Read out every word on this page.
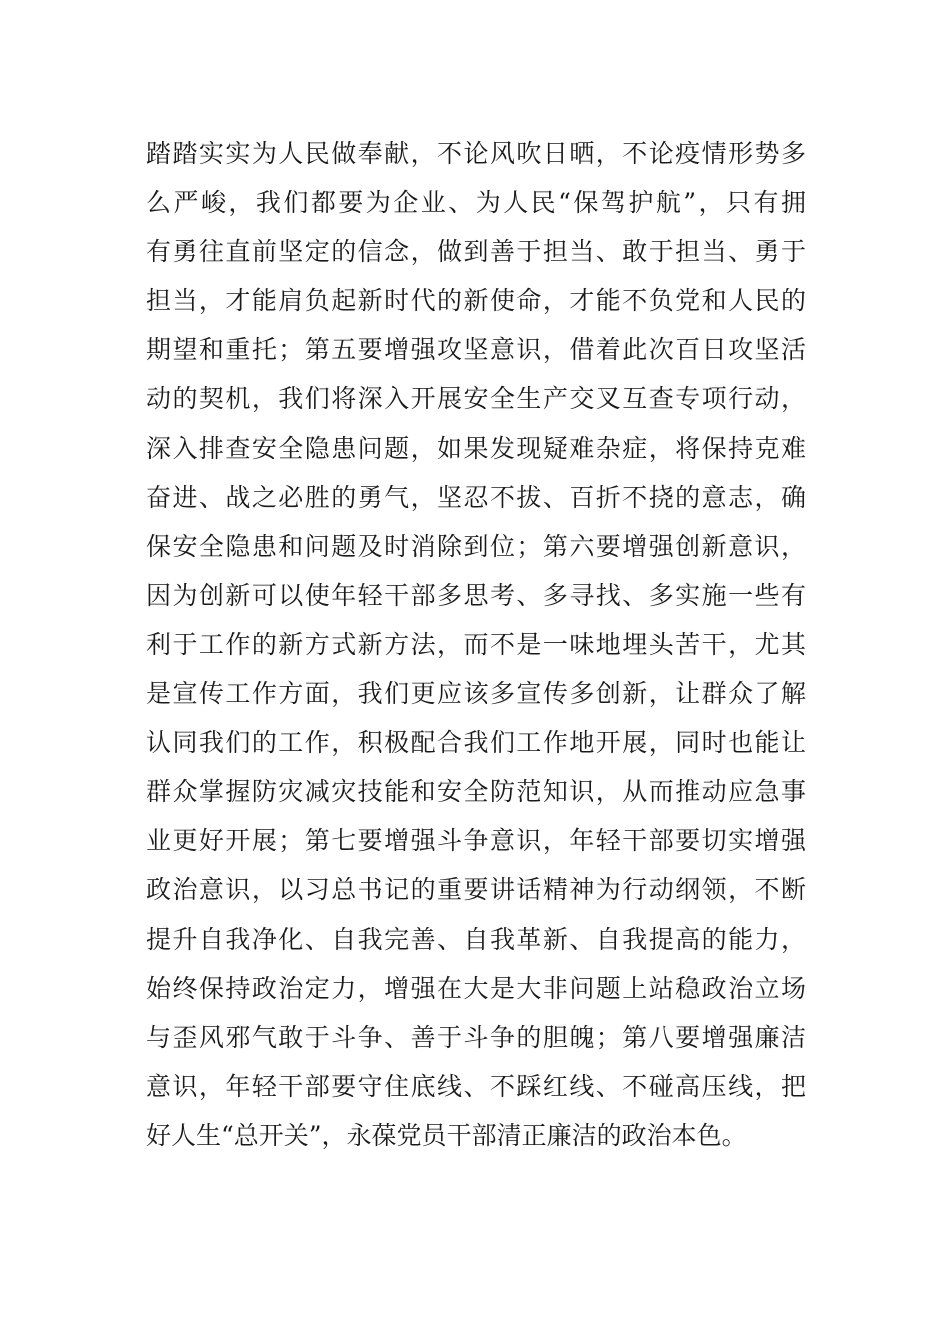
踏踏实实为人民做奉献，不论风吹日晒，不论疫情形势多
么严峻，我们都要为企业、为人民“保驾护航”，只有拥
有勇往直前坚定的信念，做到善于担当、敢于担当、勇于
担当，才能肩负起新时代的新使命，才能不负党和人民的
期望和重托；第五要增强攻坚意识，借着此次百日攻坚活
动的契机，我们将深入开展安全生产交叉互查专项行动，
深入排查安全隐患问题，如果发现疑难杂症，将保持克难
奋进、战之必胜的勇气，坚忍不拔、百折不挠的意志，确
保安全隐患和问题及时消除到位；第六要增强创新意识，
因为创新可以使年轻干部多思考、多寻找、多实施一些有
利于工作的新方式新方法，而不是一味地埋头苦干，尤其
是宣传工作方面，我们更应该多宣传多创新，让群众了解
认同我们的工作，积极配合我们工作地开展，同时也能让
群众掌握防灾减灾技能和安全防范知识，从而推动应急事
业更好开展；第七要增强斗争意识，年轻干部要切实增强
政治意识，以习总书记的重要讲话精神为行动纲领，不断
提升自我净化、自我完善、自我革新、自我提高的能力，
始终保持政治定力，增强在大是大非问题上站稳政治立场
与歪风邪气敢于斗争、善于斗争的胆魄；第八要增强廉洁
意识，年轻干部要守住底线、不踩红线、不碰高压线，把
好人生“总开关”，永葆党员干部清正廉洁的政治本色。
